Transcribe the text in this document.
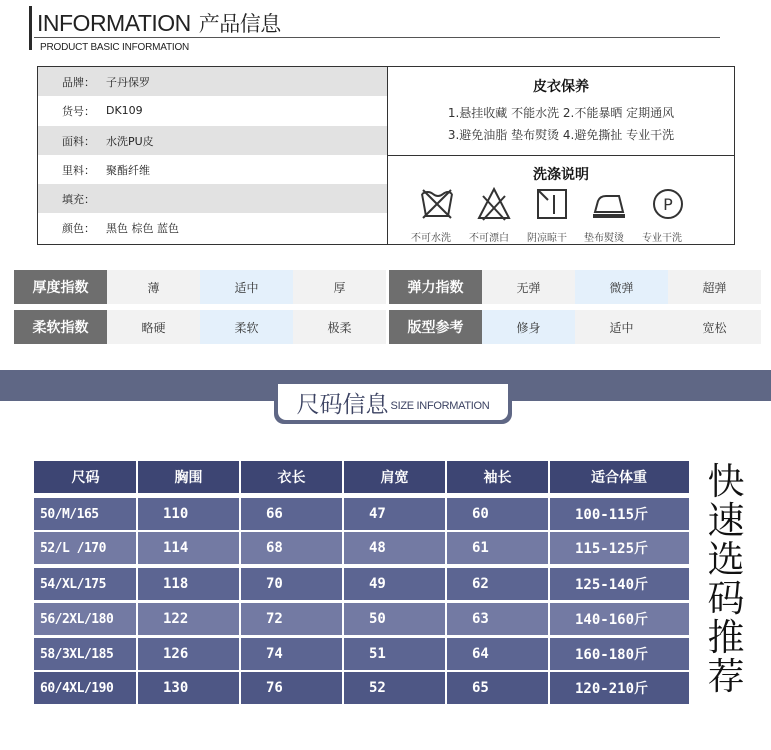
INFORMATION 产品信息
PRODUCT BASIC INFORMATION
品牌：	子丹保罗
货号：	DK109
面料：	水洗PU皮
里料：	聚酯纤维
填充：
颜色：	黑色 棕色 蓝色
皮衣保养
1.悬挂收藏 不能水洗 2.不能暴晒 定期通风
3.避免油脂 垫布熨烫 4.避免撕扯 专业干洗
洗涤说明
P
不可水洗 不可漂白 阴凉晾干 垫布熨烫 专业干洗
厚度指数	薄	适中	厚	弹力指数	无弹	微弹	超弹
柔软指数	略硬	柔软	极柔	版型参考	修身	适中	宽松
尺码信息 SIZE INFORMATION
尺码	胸围	衣长	肩宽	袖长	适合体重
50/M/165	110	66	47	60	100-115斤
52/L /170	114	68	48	61	115-125斤
54/XL/175	118	70	49	62	125-140斤
56/2XL/180	122	72	50	63	140-160斤
58/3XL/185	126	74	51	64	160-180斤
60/4XL/190	130	76	52	65	120-210斤
快
速
选
码
推
荐
